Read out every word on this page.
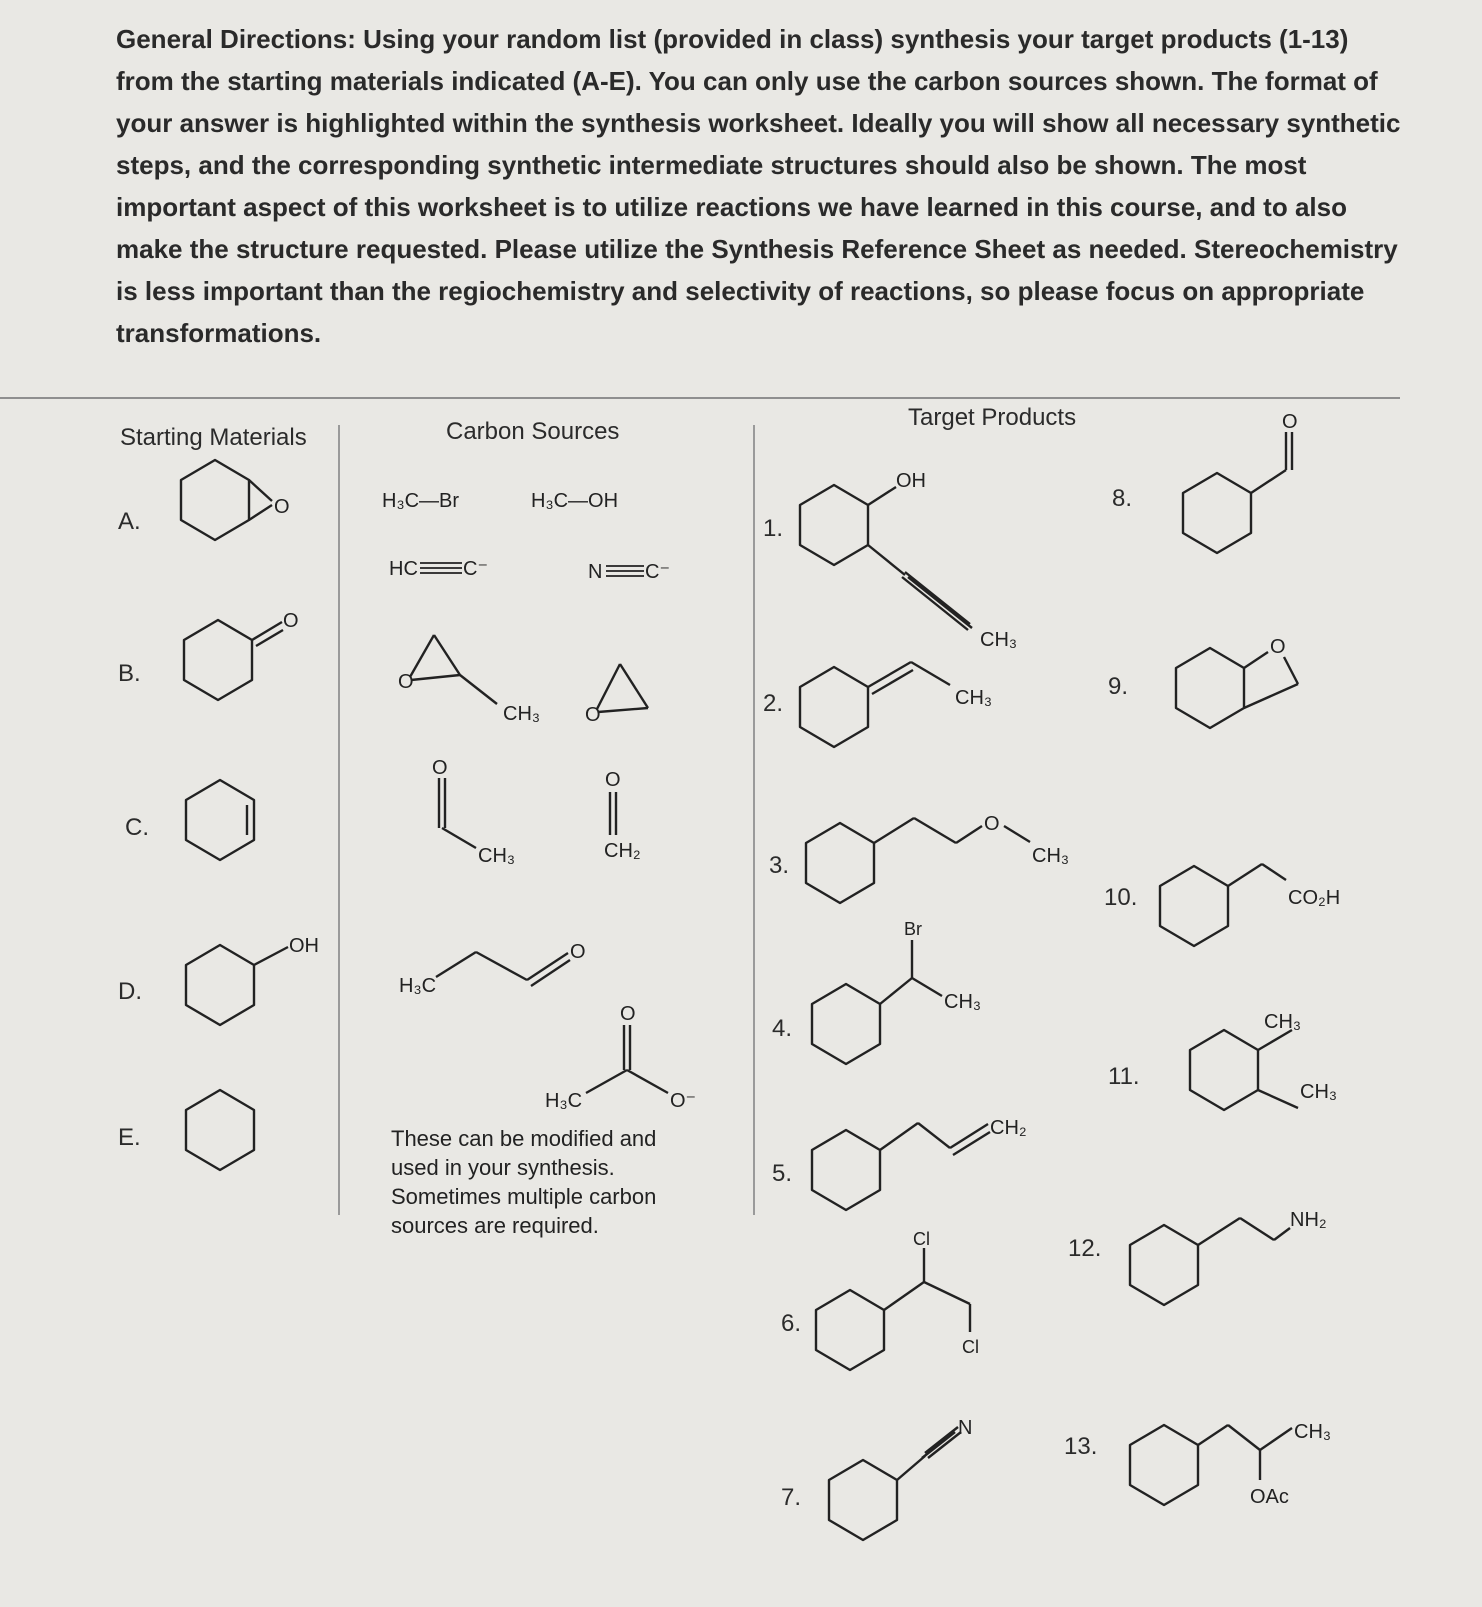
General Directions: Using your random list (provided in class) synthesis your target products (1-13) from the starting materials indicated (A-E). You can only use the carbon sources shown. The format of your answer is highlighted within the synthesis worksheet. Ideally you will show all necessary synthetic steps, and the corresponding synthetic intermediate structures should also be shown. The most important aspect of this worksheet is to utilize reactions we have learned in this course, and to also make the structure requested. Please utilize the Synthesis Reference Sheet as needed. Stereochemistry is less important than the regiochemistry and selectivity of reactions, so please focus on appropriate transformations.
Starting Materials	Carbon Sources
Target Products
A.
B.
C.
D.
E.
1.
2.
3.
4.
5.
6.
7.
8.
9.
10.
11.
12.
13.
These can be modified and used in your synthesis. Sometimes multiple carbon sources are required.
O
O
OH
H₃C—Br	H₃C—OH
HC C⁻	N C⁻
O
CH₃ O
O
CH₃
O
CH₂
H₃C
O
O
H₃C	O⁻
OH
CH₃
CH₃
O
CH₃
Br
CH₃
CH₂
Cl
Cl
N
O
O
CO₂H
CH₃
CH₃
NH₂
OAc
CH₃
